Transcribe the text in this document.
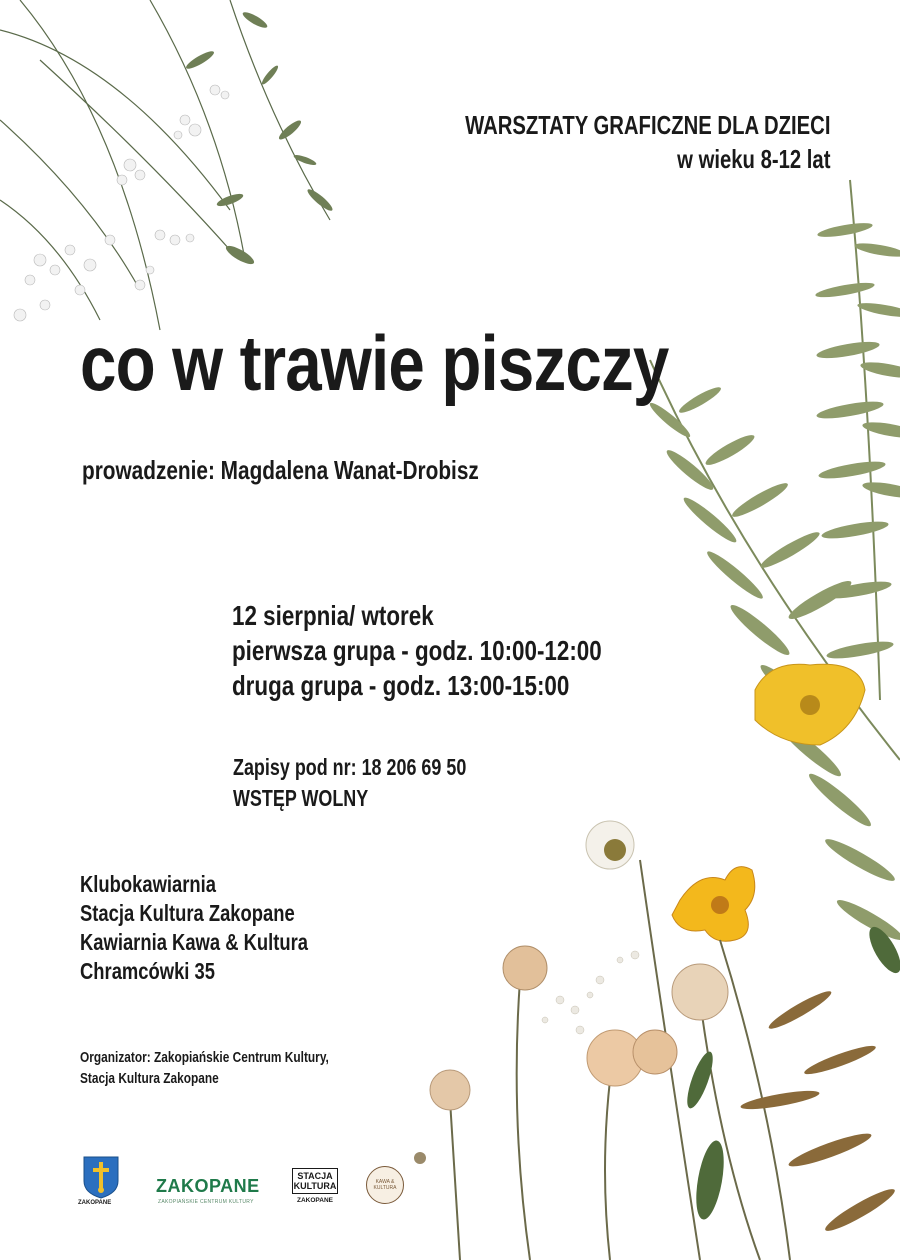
WARSZTATY GRAFICZNE DLA DZIECI
w wieku 8-12 lat
co w trawie piszczy
prowadzenie: Magdalena Wanat-Drobisz
12 sierpnia/ wtorek
pierwsza grupa - godz. 10:00-12:00
druga grupa - godz. 13:00-15:00
Zapisy pod nr: 18 206 69 50
WSTĘP WOLNY
Klubokawiarnia
Stacja Kultura Zakopane
Kawiarnia Kawa & Kultura
Chramcówki 35
Organizator: Zakopiańskie Centrum Kultury,
Stacja Kultura Zakopane
ZAKOPANE
ZAKOPANE
ZAKOPIAŃSKIE CENTRUM KULTURY
STACJA
KULTURA
ZAKOPANE
KAWA & KULTURA
